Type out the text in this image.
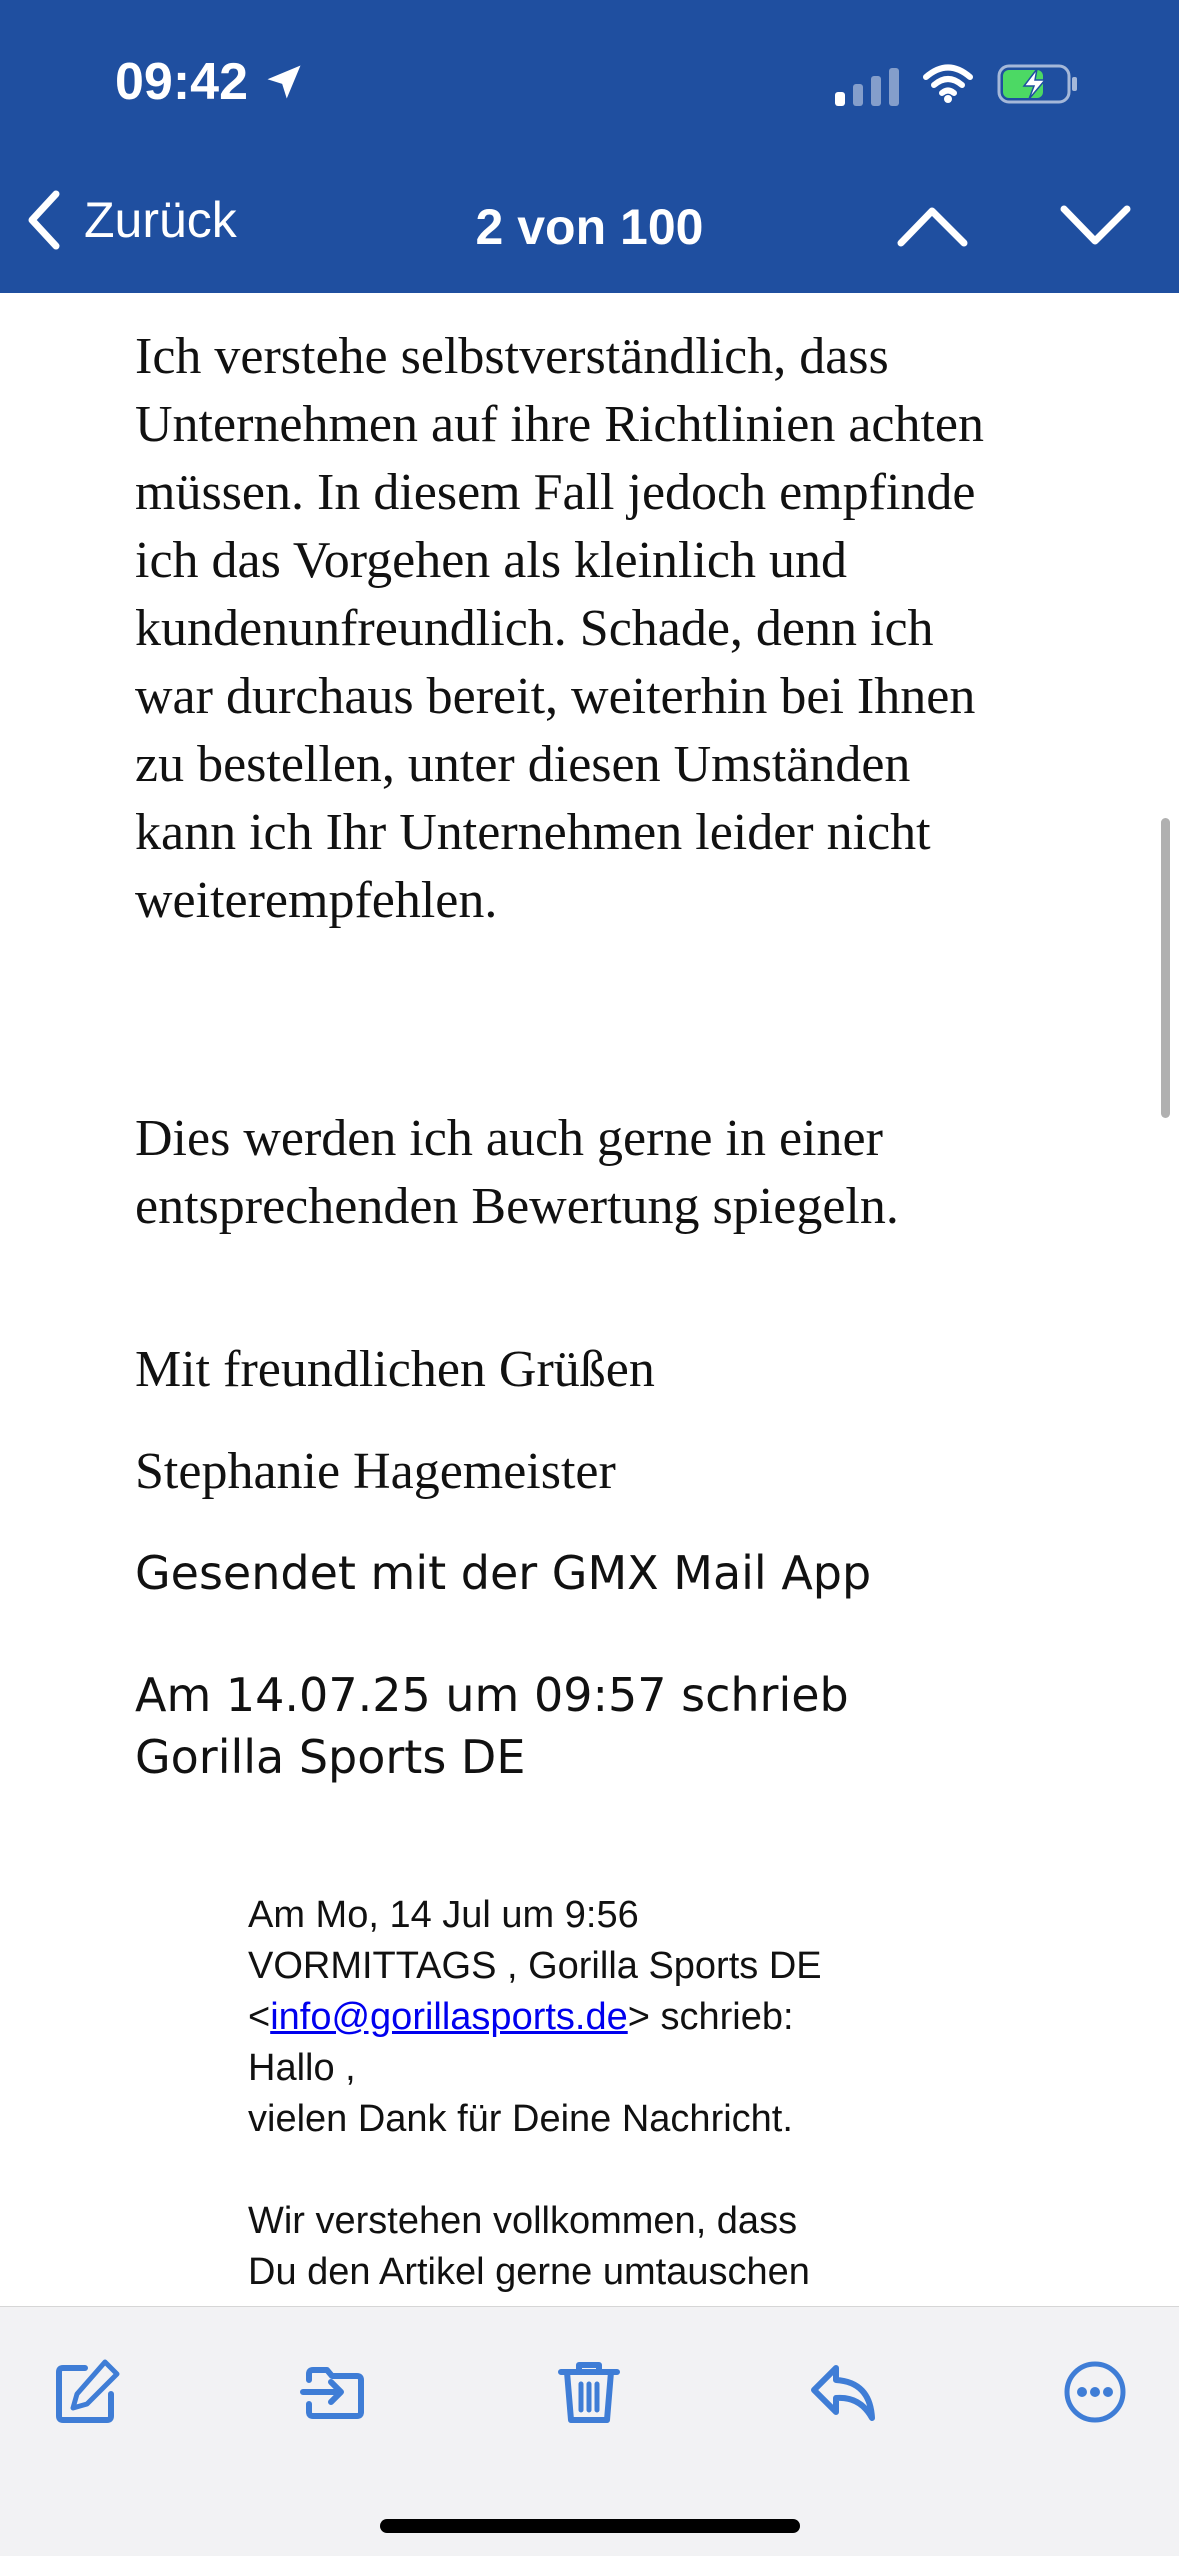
09:42
Zurück	2 von 100

Ich verstehe selbstverständlich, dass Unternehmen auf ihre Richtlinien achten müssen. In diesem Fall jedoch empfinde ich das Vorgehen als kleinlich und kundenunfreundlich. Schade, denn ich war durchaus bereit, weiterhin bei Ihnen zu bestellen, unter diesen Umständen kann ich Ihr Unternehmen leider nicht weiterempfehlen.

Dies werden ich auch gerne in einer entsprechenden Bewertung spiegeln.

Mit freundlichen Grüßen

Stephanie Hagemeister

Gesendet mit der GMX Mail App

Am 14.07.25 um 09:57 schrieb

Gorilla Sports DE

Am Mo, 14 Jul um 9:56
VORMITTAGS , Gorilla Sports DE
<info@gorillasports.de> schrieb:
Hallo ,
vielen Dank für Deine Nachricht.
Wir verstehen vollkommen, dass
Du den Artikel gerne umtauschen
